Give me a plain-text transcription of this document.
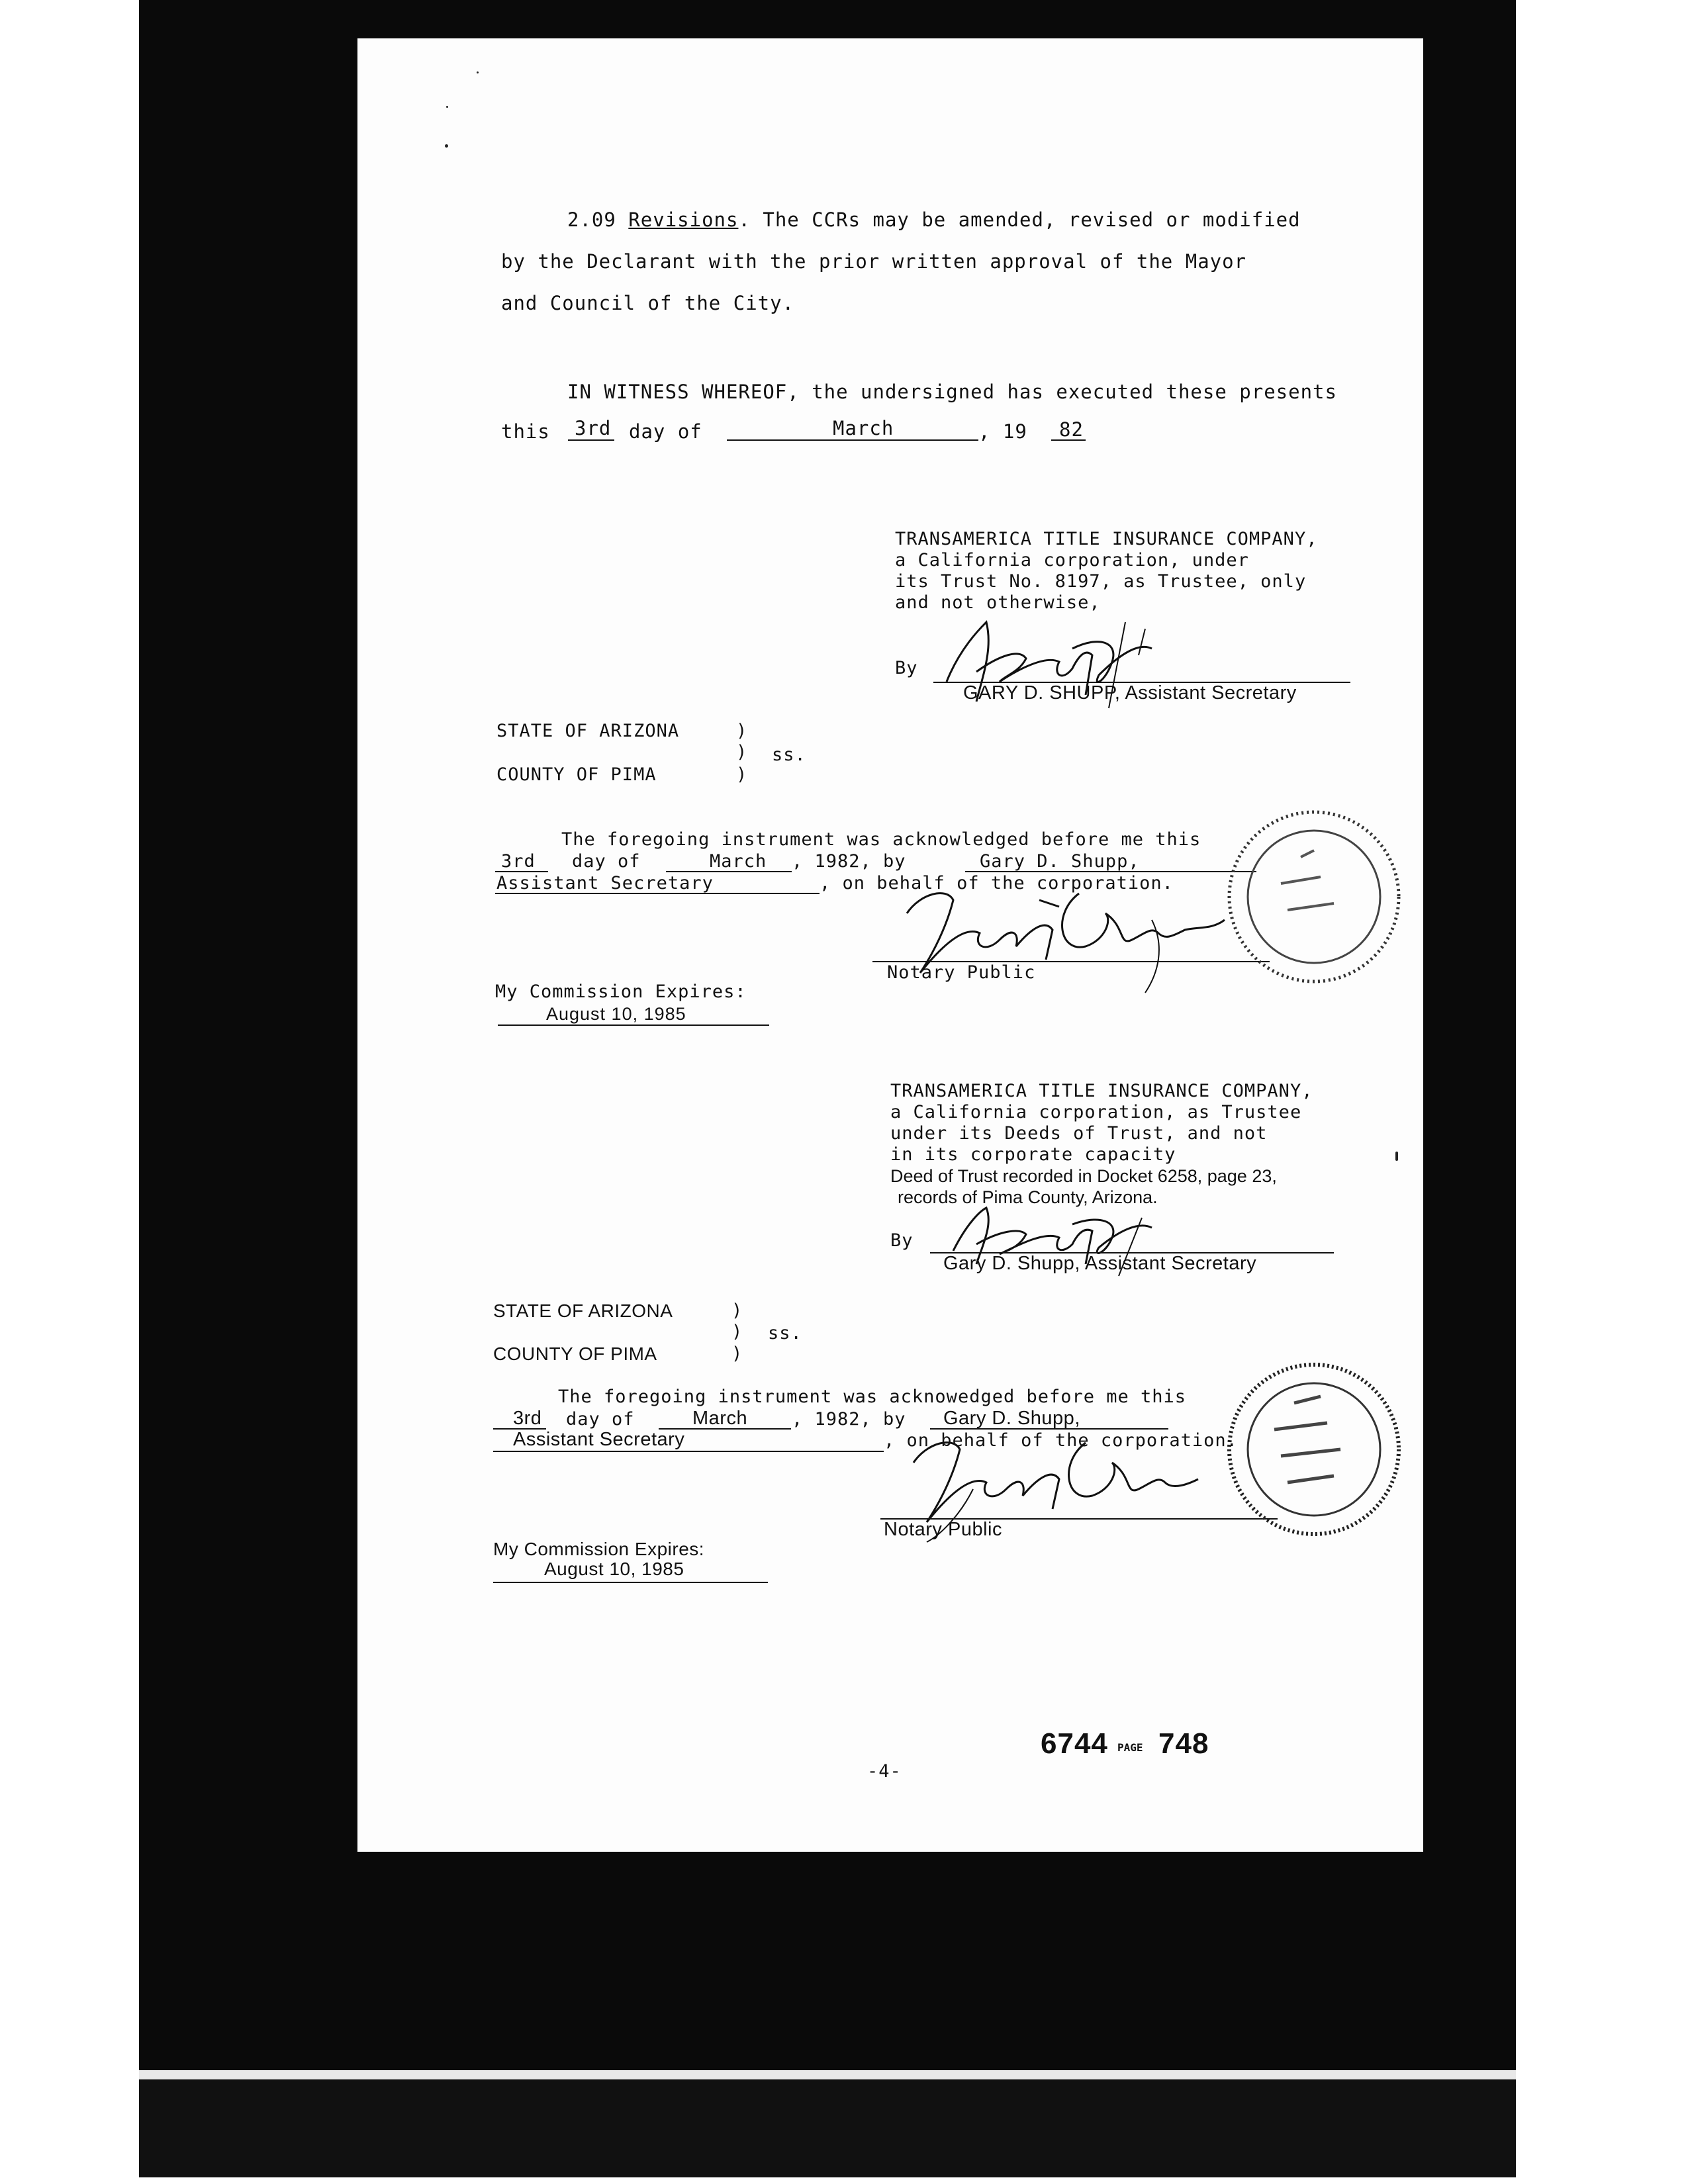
2.09 Revisions. The CCRs may be amended, revised or modified
by the Declarant with the prior written approval of the Mayor
and Council of the City.
IN WITNESS WHEREOF, the undersigned has executed these presents
this 3rd day of	March	, 19 82
TRANSAMERICA TITLE INSURANCE COMPANY,
a California corporation, under
its Trust No. 8197, as Trustee, only
and not otherwise,
By
GARY D. SHUPP, Assistant Secretary
STATE OF ARIZONA	)
) ss.
COUNTY OF PIMA	)
The foregoing instrument was acknowledged before me this
3rd day of	March , 1982, by	Gary D. Shupp,
Assistant Secretary	, on behalf of the corporation.
Notary Public
My Commission Expires:
August 10, 1985
TRANSAMERICA TITLE INSURANCE COMPANY,
a California corporation, as Trustee
under its Deeds of Trust, and not
in its corporate capacity
Deed of Trust recorded in Docket 6258, page 23,
records of Pima County, Arizona.
By
Gary D. Shupp, Assistant Secretary
STATE OF ARIZONA	)
) ss.
COUNTY OF PIMA	)
The foregoing instrument was acknowedged before me this
3rd day of	March , 1982, by Gary D. Shupp,
Assistant Secretary	, on behalf of the corporation.
Notary Public
My Commission Expires:
August 10, 1985
6744 PAGE 748
-4-
